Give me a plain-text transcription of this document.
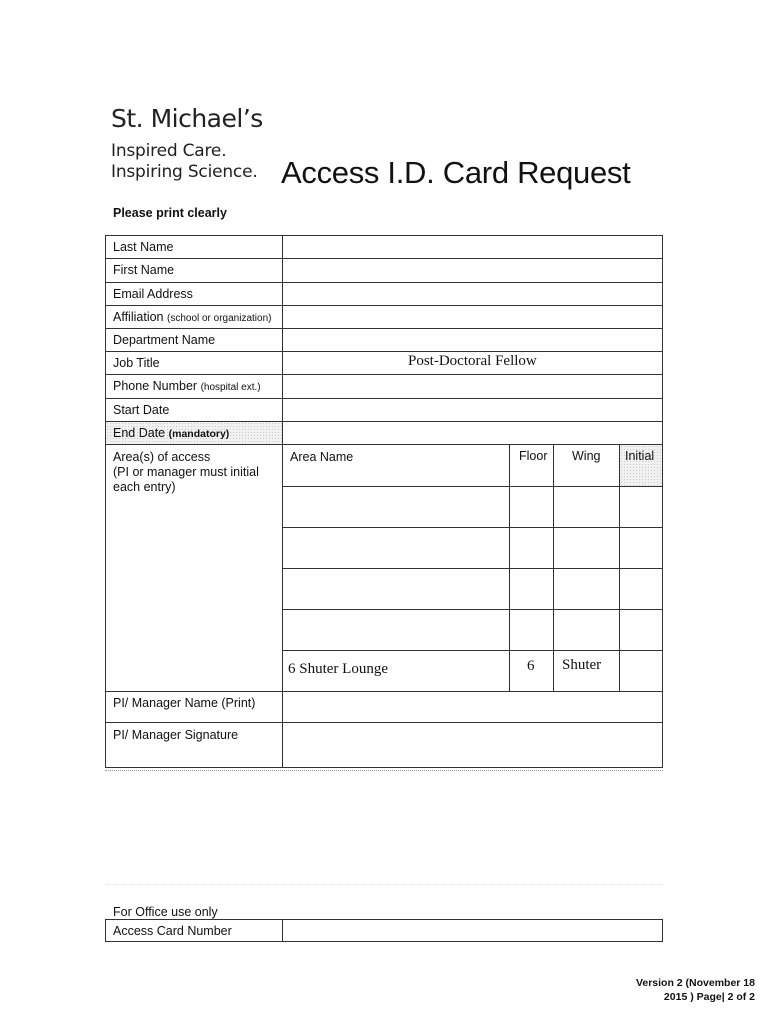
St. Michael’s
Inspired Care.
Inspiring Science. Access I.D. Card Request
Please print clearly
Last Name
First Name
Email Address
Affiliation (school or organization)
Department Name
Job Title	Post-Doctoral Fellow
Phone Number (hospital ext.)
Start Date
End Date (mandatory)
Area(s) of access
(PI or manager must initial
each entry)
Area Name	Floor Wing Initial
6 Shuter Lounge	6 Shuter
PI/ Manager Name (Print)
PI/ Manager Signature
For Office use only
Access Card Number
Version 2 (November 18
2015 ) Page| 2 of 2
